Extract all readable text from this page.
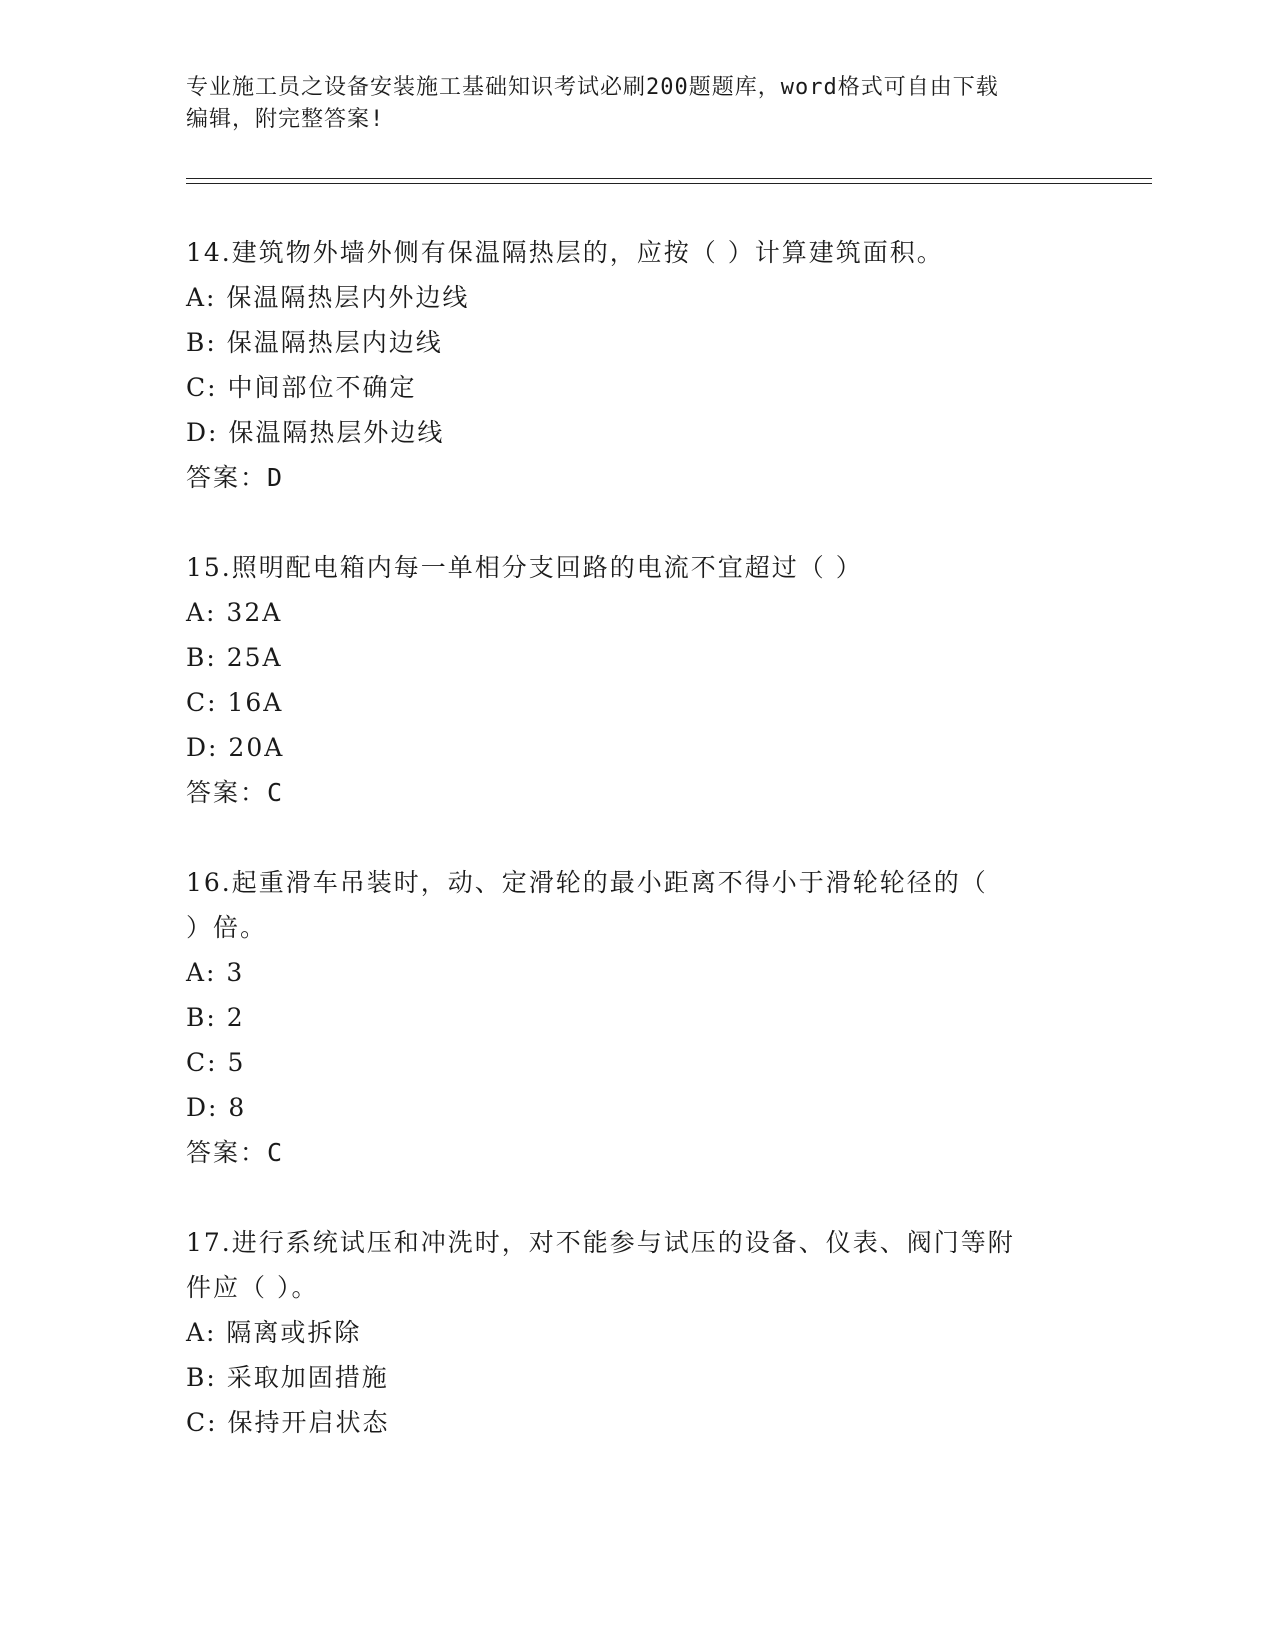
专业施工员之设备安装施工基础知识考试必刷200题题库，word格式可自由下载
编辑，附完整答案!
14.建筑物外墙外侧有保温隔热层的，应按（ ）计算建筑面积。
A: 保温隔热层内外边线
B: 保温隔热层内边线
C: 中间部位不确定
D: 保温隔热层外边线
答案：D
15.照明配电箱内每一单相分支回路的电流不宜超过（ ）
A: 32A
B: 25A
C: 16A
D: 20A
答案：C
16.起重滑车吊装时，动、定滑轮的最小距离不得小于滑轮轮径的（
）倍。
A: 3
B: 2
C: 5
D: 8
答案：C
17.进行系统试压和冲洗时，对不能参与试压的设备、仪表、阀门等附
件应（ ）。
A: 隔离或拆除
B: 采取加固措施
C: 保持开启状态
